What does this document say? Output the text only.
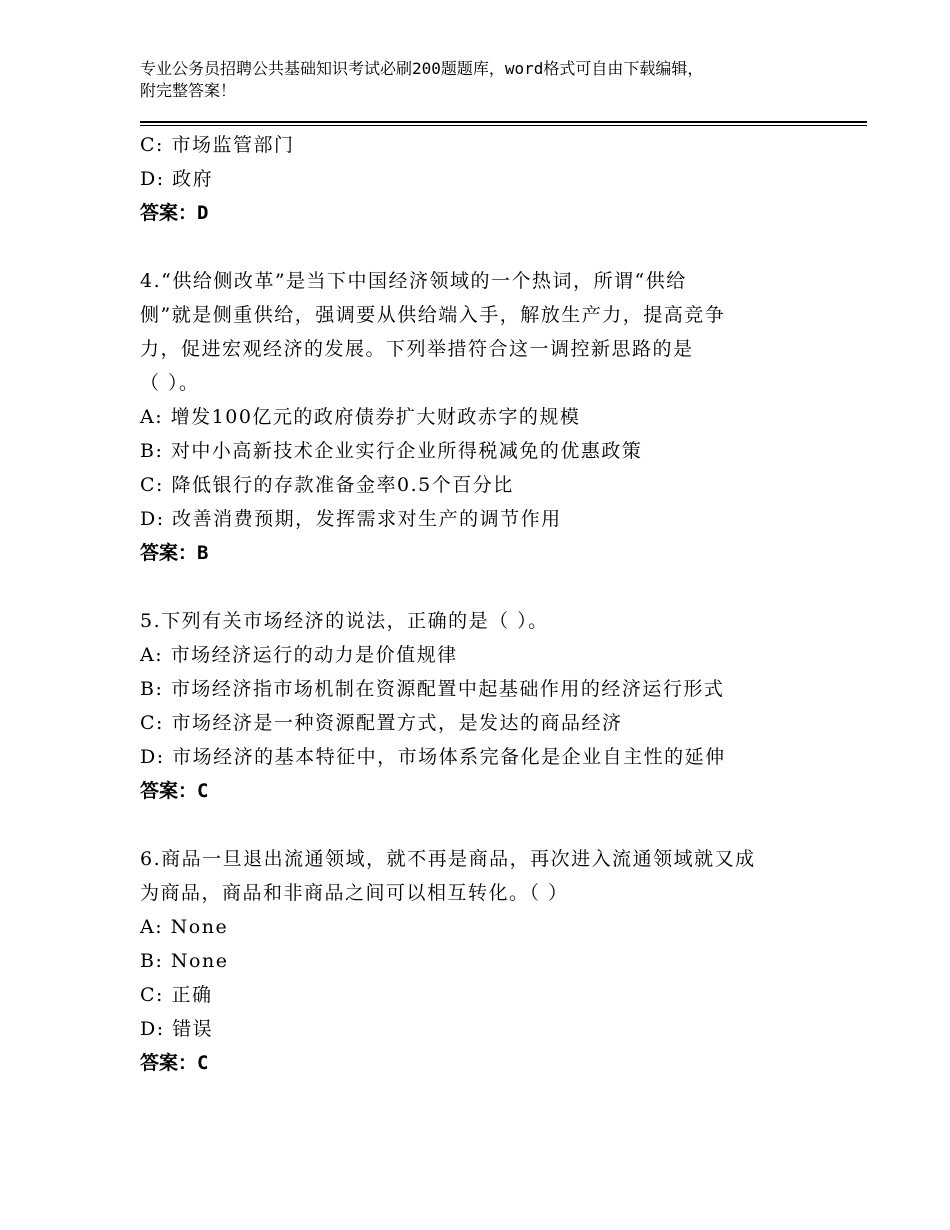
专业公务员招聘公共基础知识考试必刷200题题库，word格式可自由下载编辑，
附完整答案！
C: 市场监管部门
D: 政府
答案：D
4.“供给侧改革”是当下中国经济领域的一个热词，所谓“供给
侧”就是侧重供给，强调要从供给端入手，解放生产力，提高竞争
力，促进宏观经济的发展。下列举措符合这一调控新思路的是
（ ）。
A: 增发100亿元的政府债券扩大财政赤字的规模
B: 对中小高新技术企业实行企业所得税减免的优惠政策
C: 降低银行的存款准备金率0.5个百分比
D: 改善消费预期，发挥需求对生产的调节作用
答案：B
5.下列有关市场经济的说法，正确的是（ ）。
A: 市场经济运行的动力是价值规律
B: 市场经济指市场机制在资源配置中起基础作用的经济运行形式
C: 市场经济是一种资源配置方式，是发达的商品经济
D: 市场经济的基本特征中，市场体系完备化是企业自主性的延伸
答案：C
6.商品一旦退出流通领域，就不再是商品，再次进入流通领域就又成
为商品，商品和非商品之间可以相互转化。（ ）
A: None
B: None
C: 正确
D: 错误
答案：C
